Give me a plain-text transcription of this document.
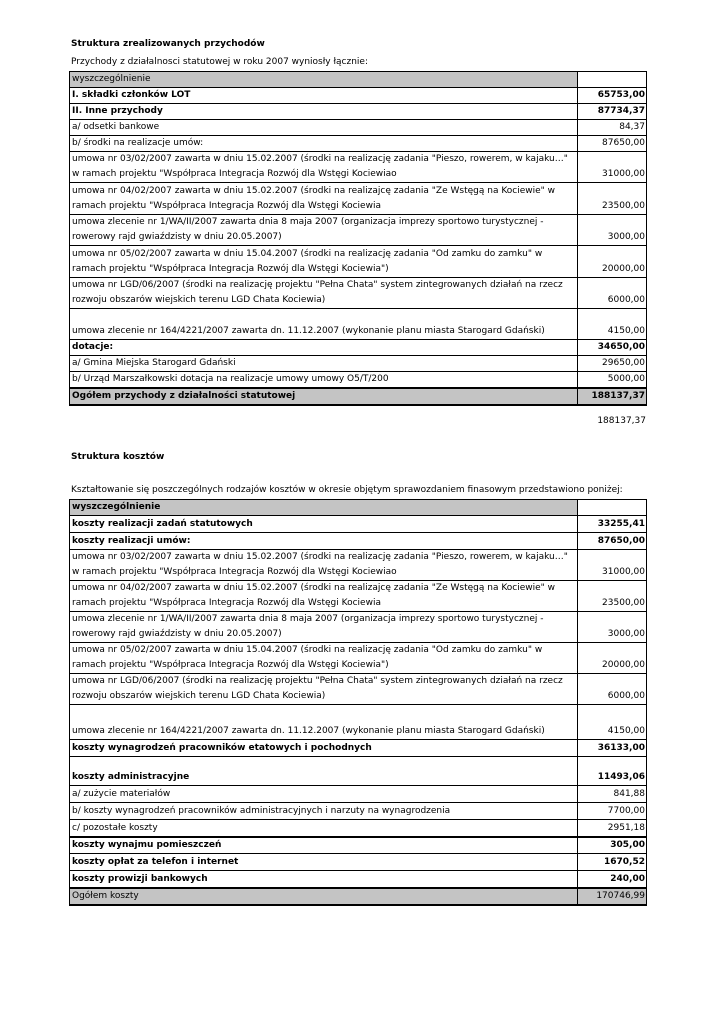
Struktura zrealizowanych przychodów
Przychody z działalnosci statutowej w roku 2007 wyniosły łącznie:
wyszczególnienie	
I. składki członków LOT	65753,00
II. Inne przychody	87734,37
a/ odsetki bankowe	84,37
b/ środki na realizacje umów:	87650,00
umowa nr 03/02/2007 zawarta w dniu 15.02.2007 (środki na realizację zadania "Pieszo, rowerem, w kajaku…" w ramach projektu "Współpraca Integracja Rozwój dla Wstęgi Kociewiao	31000,00
umowa nr 04/02/2007 zawarta w dniu 15.02.2007 (środki na realizajcę zadania "Ze Wstęgą na Kociewie" w ramach projektu "Współpraca Integracja Rozwój dla Wstęgi Kociewia	23500,00
umowa zlecenie nr 1/WA/II/2007 zawarta dnia 8 maja 2007 (organizacja imprezy sportowo turystycznej - rowerowy rajd gwiaździsty w dniu 20.05.2007)	3000,00
umowa nr 05/02/2007 zawarta w dniu 15.04.2007 (środki na realizację zadania "Od zamku do zamku" w ramach projektu "Współpraca Integracja Rozwój dla Wstęgi Kociewia")	20000,00
umowa nr LGD/06/2007 (środki na realizację projektu "Pełna Chata" system zintegrowanych działań na rzecz rozwoju obszarów wiejskich terenu LGD Chata Kociewia)	6000,00
umowa zlecenie nr 164/4221/2007 zawarta dn. 11.12.2007 (wykonanie planu miasta Starogard Gdański)	4150,00
dotacje:	34650,00
a/ Gmina Miejska Starogard Gdański	29650,00
b/ Urząd Marszałkowski dotacja na realizacje umowy umowy O5/T/200	5000,00
Ogółem przychody z działalności statutowej	188137,37
188137,37
Struktura kosztów
Kształtowanie się poszczególnych rodzajów kosztów w okresie objętym sprawozdaniem finasowym przedstawiono poniżej:
wyszczególnienie	
koszty realizacji zadań statutowych	33255,41
koszty realizacji umów:	87650,00
umowa nr 03/02/2007 zawarta w dniu 15.02.2007 (środki na realizację zadania "Pieszo, rowerem, w kajaku…" w ramach projektu "Współpraca Integracja Rozwój dla Wstęgi Kociewiao	31000,00
umowa nr 04/02/2007 zawarta w dniu 15.02.2007 (środki na realizajcę zadania "Ze Wstęgą na Kociewie" w ramach projektu "Współpraca Integracja Rozwój dla Wstęgi Kociewia	23500,00
umowa zlecenie nr 1/WA/II/2007 zawarta dnia 8 maja 2007 (organizacja imprezy sportowo turystycznej - rowerowy rajd gwiaździsty w dniu 20.05.2007)	3000,00
umowa nr 05/02/2007 zawarta w dniu 15.04.2007 (środki na realizację zadania "Od zamku do zamku" w ramach projektu "Współpraca Integracja Rozwój dla Wstęgi Kociewia")	20000,00
umowa nr LGD/06/2007 (środki na realizację projektu "Pełna Chata" system zintegrowanych działań na rzecz rozwoju obszarów wiejskich terenu LGD Chata Kociewia)	6000,00
umowa zlecenie nr 164/4221/2007 zawarta dn. 11.12.2007 (wykonanie planu miasta Starogard Gdański)	4150,00
koszty wynagrodzeń pracowników etatowych i pochodnych	36133,00
koszty administracyjne	11493,06
a/ zużycie materiałów	841,88
b/ koszty wynagrodzeń pracowników administracyjnych i narzuty na wynagrodzenia	7700,00
c/ pozostałe koszty	2951,18
koszty wynajmu pomieszczeń	305,00
koszty opłat za telefon i internet	1670,52
koszty prowizji bankowych	240,00
Ogółem koszty	170746,99
